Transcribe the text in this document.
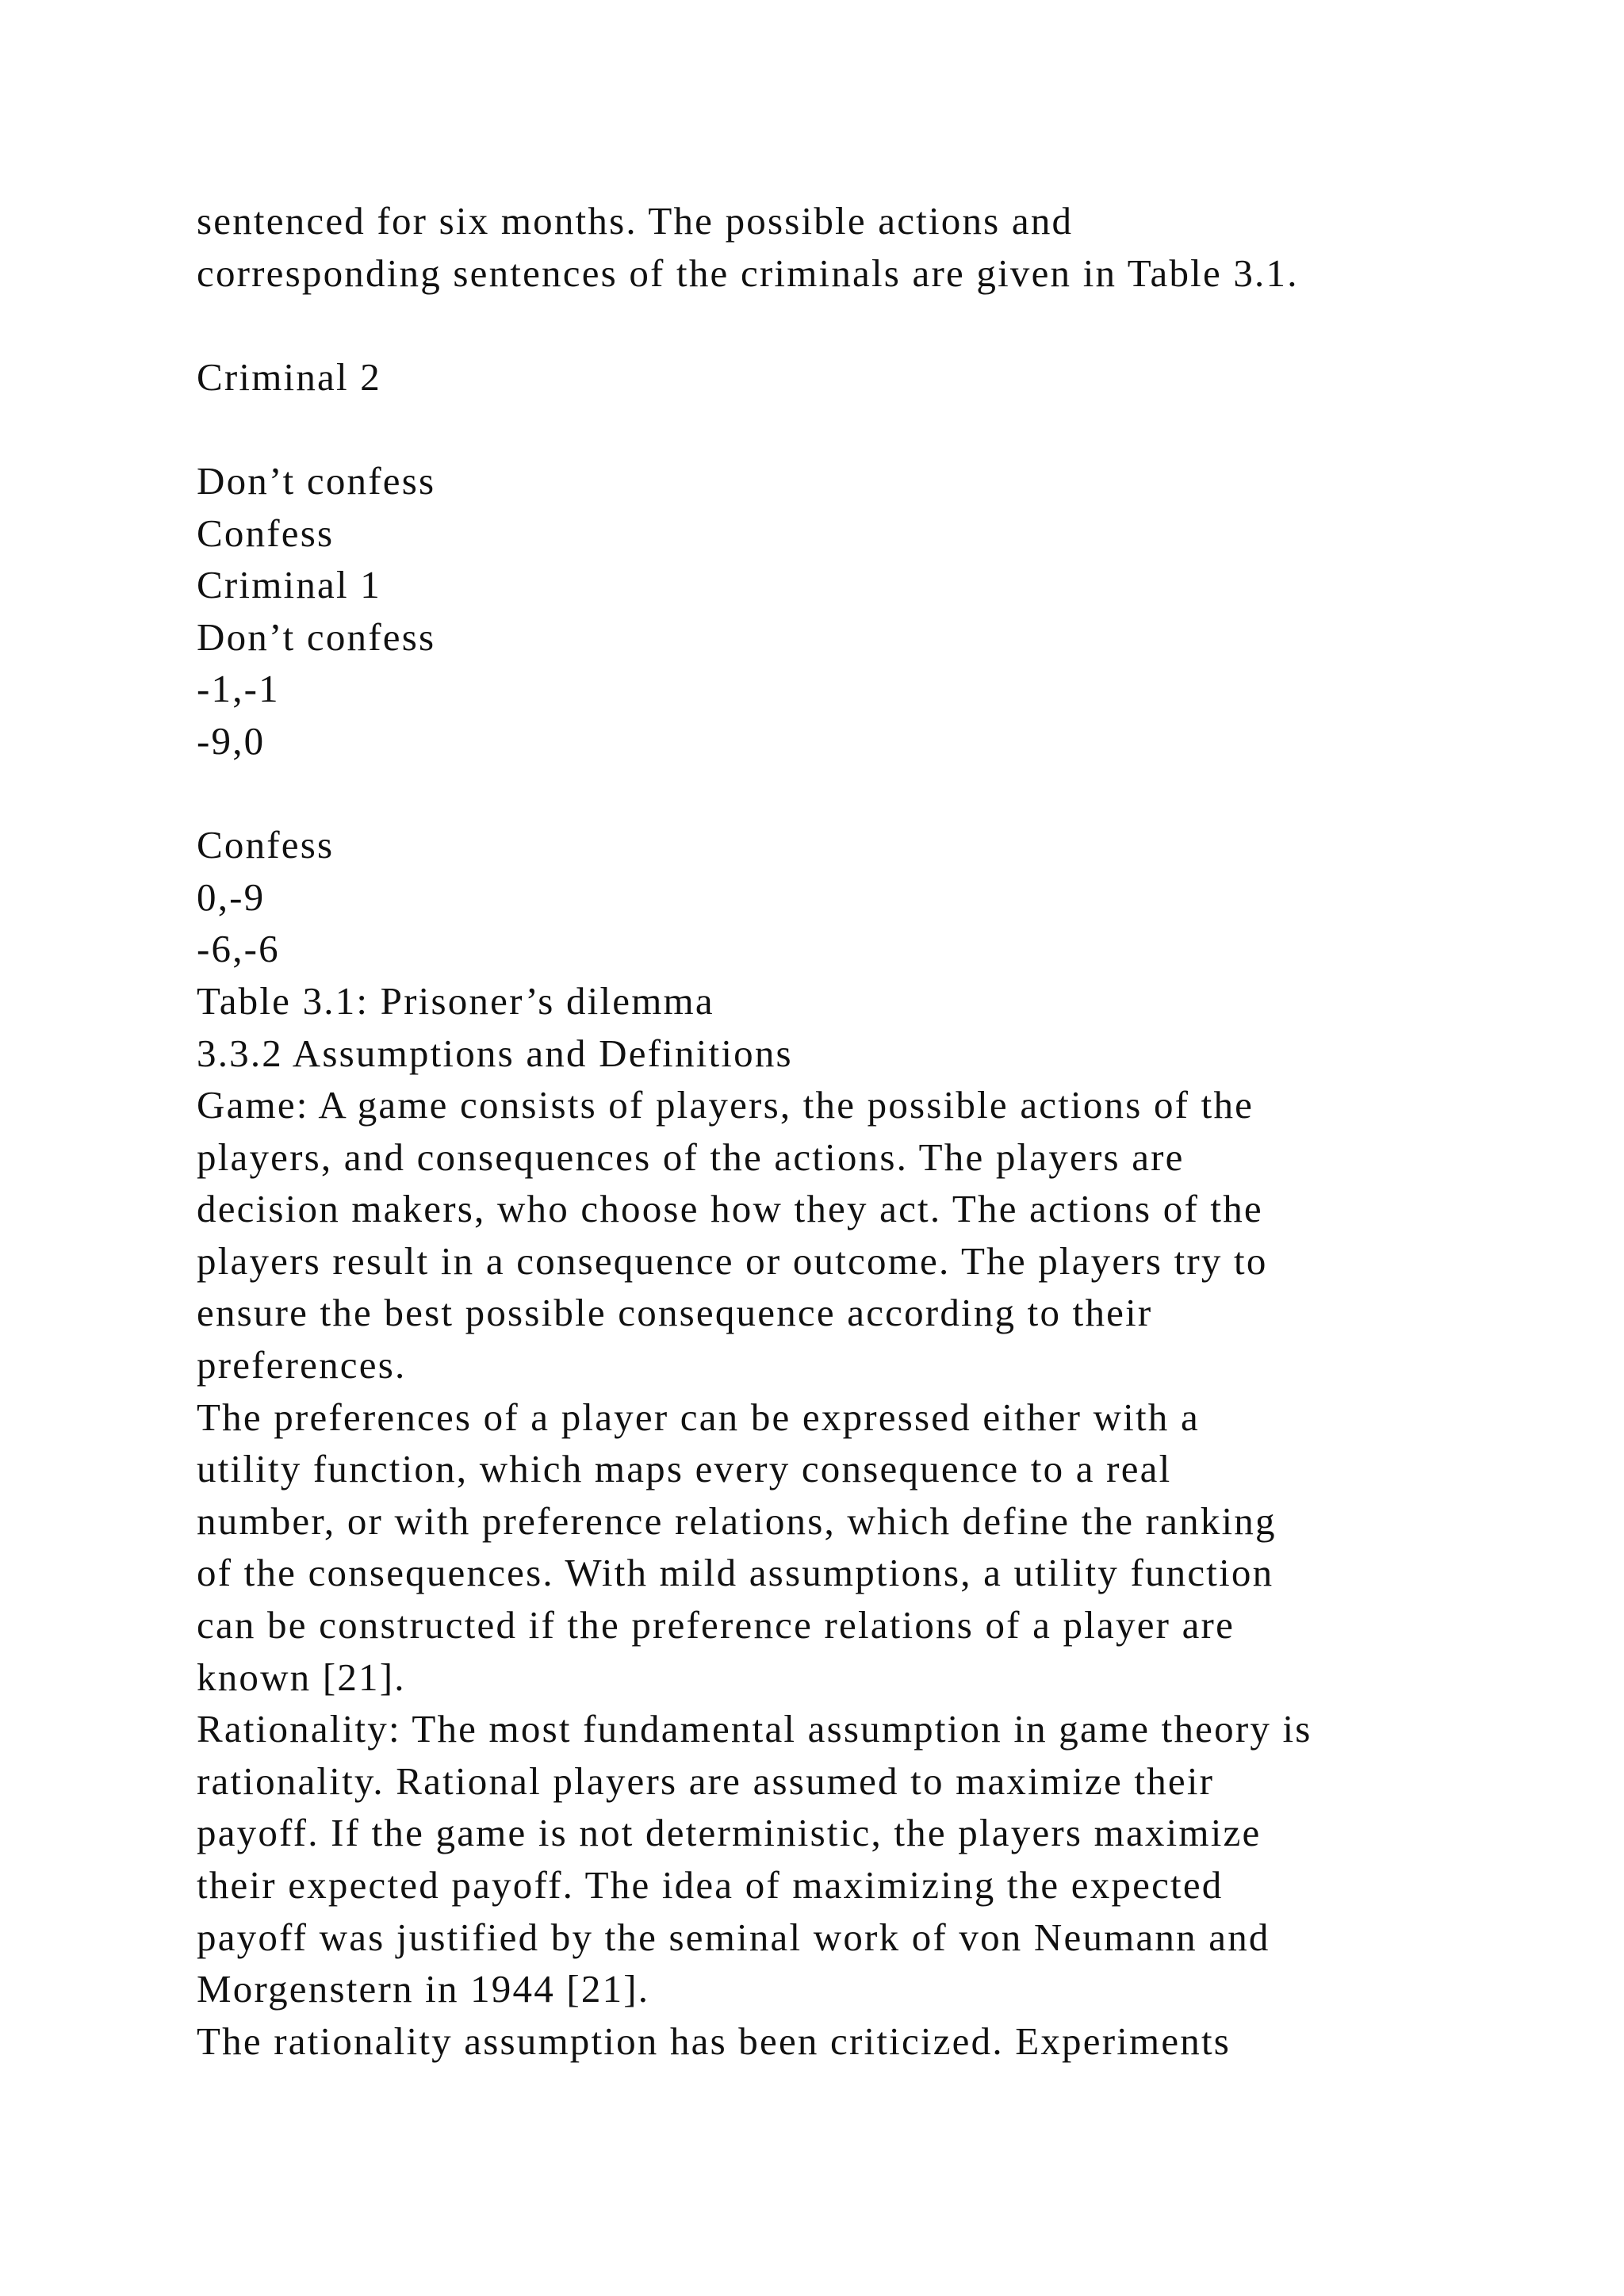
sentenced for six months. The possible actions and
corresponding sentences of the criminals are given in Table 3.1.
Criminal 2
Don’t confess
Confess
Criminal 1
Don’t confess
-1,-1
-9,0
Confess
0,-9
-6,-6
Table 3.1: Prisoner’s dilemma
3.3.2 Assumptions and Definitions
Game: A game consists of players, the possible actions of the
players, and consequences of the actions. The players are
decision makers, who choose how they act. The actions of the
players result in a consequence or outcome. The players try to
ensure the best possible consequence according to their
preferences.
The preferences of a player can be expressed either with a
utility function, which maps every consequence to a real
number, or with preference relations, which define the ranking
of the consequences. With mild assumptions, a utility function
can be constructed if the preference relations of a player are
known [21].
Rationality: The most fundamental assumption in game theory is
rationality. Rational players are assumed to maximize their
payoff. If the game is not deterministic, the players maximize
their expected payoff. The idea of maximizing the expected
payoff was justified by the seminal work of von Neumann and
Morgenstern in 1944 [21].
The rationality assumption has been criticized. Experiments
